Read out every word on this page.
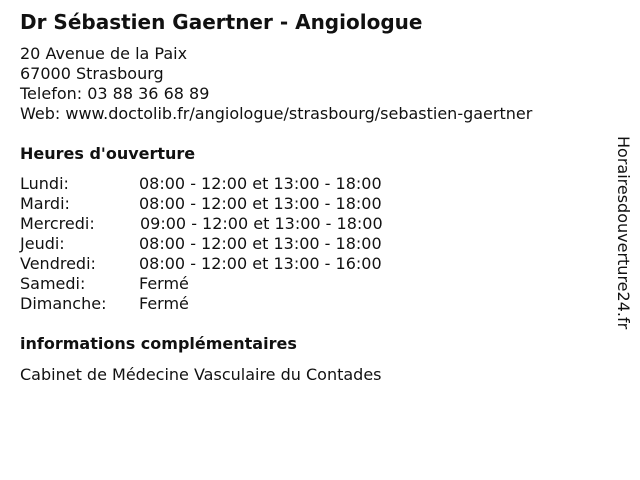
Dr Sébastien Gaertner - Angiologue
20 Avenue de la Paix
67000 Strasbourg
Telefon: 03 88 36 68 89
Web: www.doctolib.fr/angiologue/strasbourg/sebastien-gaertner
Heures d'ouverture
Lundi:	08:00 - 12:00 et 13:00 - 18:00
Mardi:	08:00 - 12:00 et 13:00 - 18:00
Mercredi:	09:00 - 12:00 et 13:00 - 18:00
Jeudi:	08:00 - 12:00 et 13:00 - 18:00
Vendredi:	08:00 - 12:00 et 13:00 - 16:00
Samedi:	Fermé
Dimanche: Fermé
informations complémentaires
Cabinet de Médecine Vasculaire du Contades
Horairesdouverture24.fr
